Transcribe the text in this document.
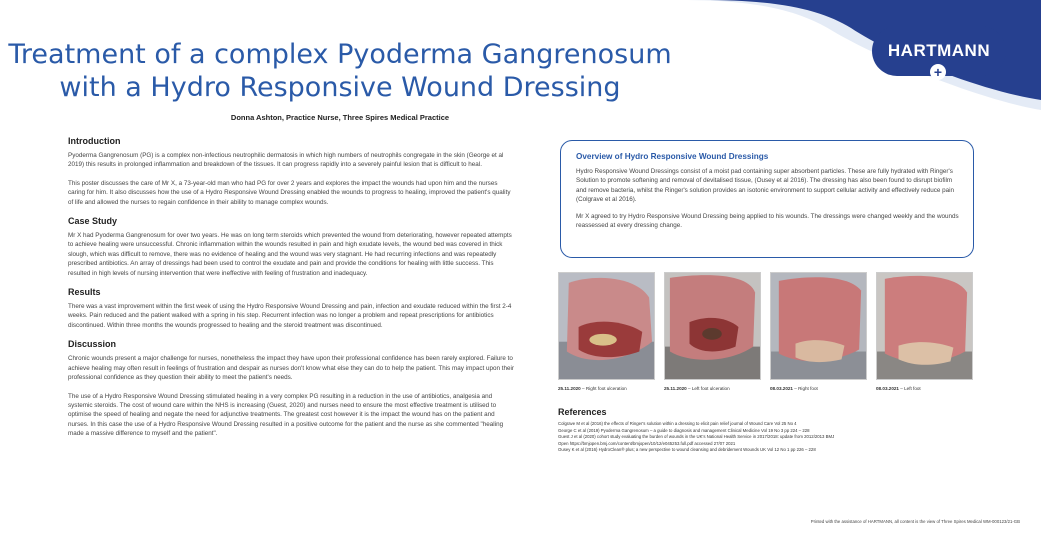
HARTMANN
+
Treatment of a complex Pyoderma Gangrenosum
with a Hydro Responsive Wound Dressing
Donna Ashton, Practice Nurse, Three Spires Medical Practice
Introduction

Pyoderma Gangrenosum (PG) is a complex non-infectious neutrophilic dermatosis in which high numbers of neutrophils congregate in the skin (George et al 2019) this results in prolonged inflammation and breakdown of the tissues. It can progress rapidly into a severely painful lesion that is difficult to heal.

This poster discusses the care of Mr X, a 73-year-old man who had PG for over 2 years and explores the impact the wounds had upon him and the nurses caring for him. It also discusses how the use of a Hydro Responsive Wound Dressing enabled the wounds to progress to healing, improved the patient's quality of life and allowed the nurses to regain confidence in their ability to manage complex wounds.

Case Study

Mr X had Pyoderma Gangrenosum for over two years. He was on long term steroids which prevented the wound from deteriorating, however repeated attempts to achieve healing were unsuccessful. Chronic inflammation within the wounds resulted in pain and high exudate levels, the wound bed was covered in thick slough, which was difficult to remove, there was no evidence of healing and the wound was very stagnant. He had recurring infections and was repeatedly prescribed antibiotics. An array of dressings had been used to control the exudate and pain and provide the conditions for healing with little success. This resulted in high levels of nursing intervention that were ineffective with feeling of frustration and inadequacy.

Results

There was a vast improvement within the first week of using the Hydro Responsive Wound Dressing and pain, infection and exudate reduced within the first 2-4 weeks. Pain reduced and the patient walked with a spring in his step. Recurrent infection was no longer a problem and repeat prescriptions for antibiotics discontinued. Within three months the wounds progressed to healing and the steroid treatment was discontinued.

Discussion

Chronic wounds present a major challenge for nurses, nonetheless the impact they have upon their professional confidence has been rarely explored. Failure to achieve healing may often result in feelings of frustration and despair as nurses don't know what else they can do to help the patient. This may impact upon their professional confidence as they question their ability to meet the patient's needs.

The use of a Hydro Responsive Wound Dressing stimulated healing in a very complex PG resulting in a reduction in the use of antibiotics, analgesia and systemic steroids. The cost of wound care within the NHS is increasing (Guest, 2020) and nurses need to ensure the most effective treatment is utilised to optimise the speed of healing and negate the need for adjunctive treatments. The greatest cost however it is the impact the wound has on the patient and nurses. In this case the use of a Hydro Responsive Wound Dressing resulted in a positive outcome for the patient and the nurse as she commented "healing made a massive difference to myself and the patient".

Overview of Hydro Responsive Wound Dressings

Hydro Responsive Wound Dressings consist of a moist pad containing super absorbent particles. These are fully hydrated with Ringer's Solution to promote softening and removal of devitalised tissue, (Ousey et al 2016). The dressing has also been found to disrupt biofilm and remove bacteria, whilst the Ringer's solution provides an isotonic environment to support cellular activity and effectively reduce pain (Colgrave et al 2016).

Mr X agreed to try Hydro Responsive Wound Dressing being applied to his wounds. The dressings were changed weekly and the wounds reassessed at every dressing change.

25.11.2020 – Right foot ulceration	25.11.2020 – Left foot ulceration	08.03.2021 – Right foot	08.03.2021 – Left foot
References
Colgrave M et al (2016) the effects of Ringer's solution within a dressing to elicit pain relief journal of Wound Care Vol 25 No 4
George C et al (2019) Pyoderma Gangrenosum – a guide to diagnosis and management Clinical Medicine Vol 19 No 3 pp 224 – 228
Guest J et al (2020) cohort study evaluating the burden of wounds in the UK's National Health Service in 2017/2018: update from 2012/2013 BMJ
Open https://bmjopen.bmj.com/content/bmjopen/10/12/e045253.full.pdf accessed 27/07 2021
Ousey K et al (2016) HydroClean® plus; a new perspective to wound cleansing and debridement Wounds UK Vol 12 No 1 pp 226 – 228
Printed with the assistance of HARTMANN, all content is the view of Three Spires Medical WM-000123/21-GB
